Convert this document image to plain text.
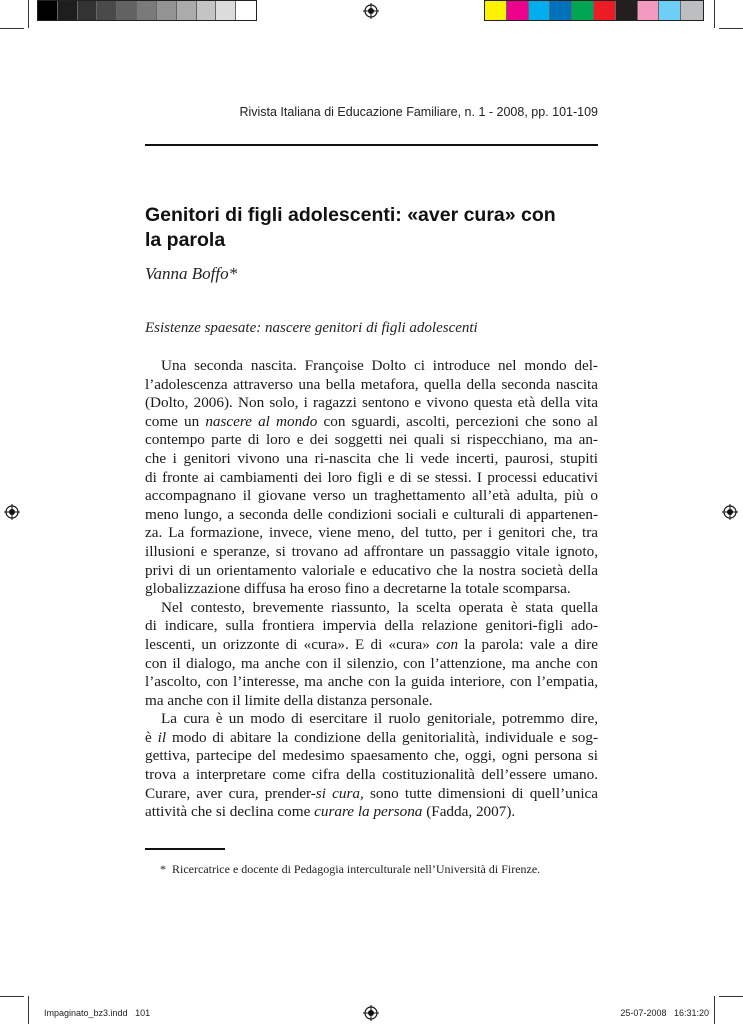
Rivista Italiana di Educazione Familiare, n. 1 - 2008, pp. 101-109
Genitori di figli adolescenti: «aver cura» con
la parola
Vanna Boffo*
Esistenze spaesate: nascere genitori di figli adolescenti
Una seconda nascita. Françoise Dolto ci introduce nel mondo del-
l’adolescenza attraverso una bella metafora, quella della seconda nascita
(Dolto, 2006). Non solo, i ragazzi sentono e vivono questa età della vita
come un nascere al mondo con sguardi, ascolti, percezioni che sono al
contempo parte di loro e dei soggetti nei quali si rispecchiano, ma an-
che i genitori vivono una ri-nascita che li vede incerti, paurosi, stupiti
di fronte ai cambiamenti dei loro figli e di se stessi. I processi educativi
accompagnano il giovane verso un traghettamento all’età adulta, più o
meno lungo, a seconda delle condizioni sociali e culturali di appartenen-
za. La formazione, invece, viene meno, del tutto, per i genitori che, tra
illusioni e speranze, si trovano ad affrontare un passaggio vitale ignoto,
privi di un orientamento valoriale e educativo che la nostra società della
globalizzazione diffusa ha eroso fino a decretarne la totale scomparsa.
Nel contesto, brevemente riassunto, la scelta operata è stata quella
di indicare, sulla frontiera impervia della relazione genitori-figli ado-
lescenti, un orizzonte di «cura». E di «cura» con la parola: vale a dire
con il dialogo, ma anche con il silenzio, con l’attenzione, ma anche con
l’ascolto, con l’interesse, ma anche con la guida interiore, con l’empatia,
ma anche con il limite della distanza personale.
La cura è un modo di esercitare il ruolo genitoriale, potremmo dire,
è il modo di abitare la condizione della genitorialità, individuale e sog-
gettiva, partecipe del medesimo spaesamento che, oggi, ogni persona si
trova a interpretare come cifra della costituzionalità dell’essere umano.
Curare, aver cura, prender-si cura, sono tutte dimensioni di quell’unica
attività che si declina come curare la persona (Fadda, 2007).
* Ricercatrice e docente di Pedagogia interculturale nell’Università di Firenze.
Impaginato_bz3.indd   101	25-07-2008   16:31:20
